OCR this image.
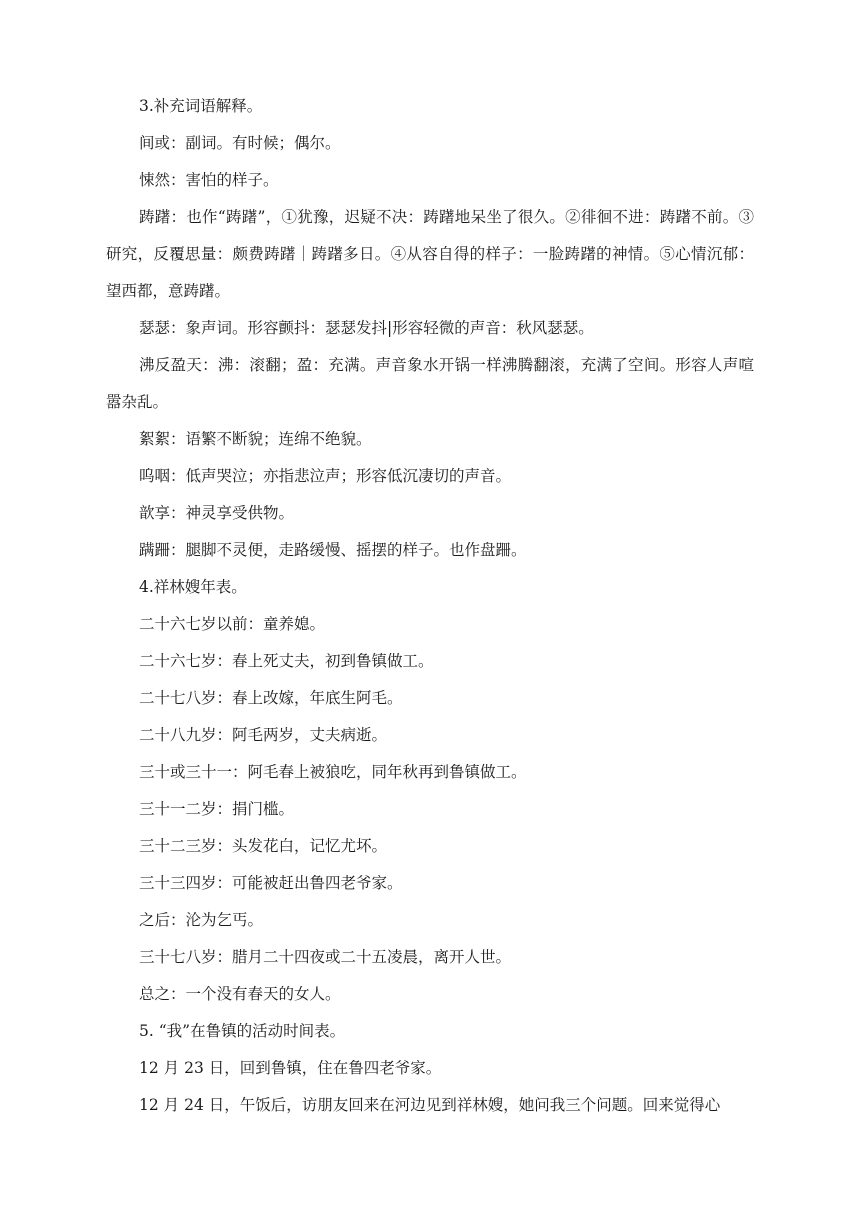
3.补充词语解释。

间或：副词。有时候；偶尔。

悚然：害怕的样子。

踌躇：也作“踌躇”，①犹豫，迟疑不决：踌躇地呆坐了很久。②徘徊不进：踌躇不前。③研究，反覆思量：颇费踌躇｜踌躇多日。④从容自得的样子：一脸踌躇的神情。⑤心情沉郁：望西都，意踌躇。

瑟瑟：象声词。形容颤抖：瑟瑟发抖|形容轻微的声音：秋风瑟瑟。

沸反盈天：沸：滚翻；盈：充满。声音象水开锅一样沸腾翻滚，充满了空间。形容人声喧嚣杂乱。

絮絮：语繁不断貌；连绵不绝貌。

呜咽：低声哭泣；亦指悲泣声；形容低沉凄切的声音。

歆享：神灵享受供物。

蹒跚：腿脚不灵便，走路缓慢、摇摆的样子。也作盘跚。

4.祥林嫂年表。

二十六七岁以前：童养媳。

二十六七岁：春上死丈夫，初到鲁镇做工。

二十七八岁：春上改嫁，年底生阿毛。

二十八九岁：阿毛两岁，丈夫病逝。

三十或三十一：阿毛春上被狼吃，同年秋再到鲁镇做工。

三十一二岁：捐门槛。

三十二三岁：头发花白，记忆尤坏。

三十三四岁：可能被赶出鲁四老爷家。

之后：沦为乞丐。

三十七八岁：腊月二十四夜或二十五凌晨，离开人世。

总之：一个没有春天的女人。

5. “我”在鲁镇的活动时间表。

12 月 23 日，回到鲁镇，住在鲁四老爷家。

12 月 24 日，午饭后，访朋友回来在河边见到祥林嫂，她问我三个问题。回来觉得心
